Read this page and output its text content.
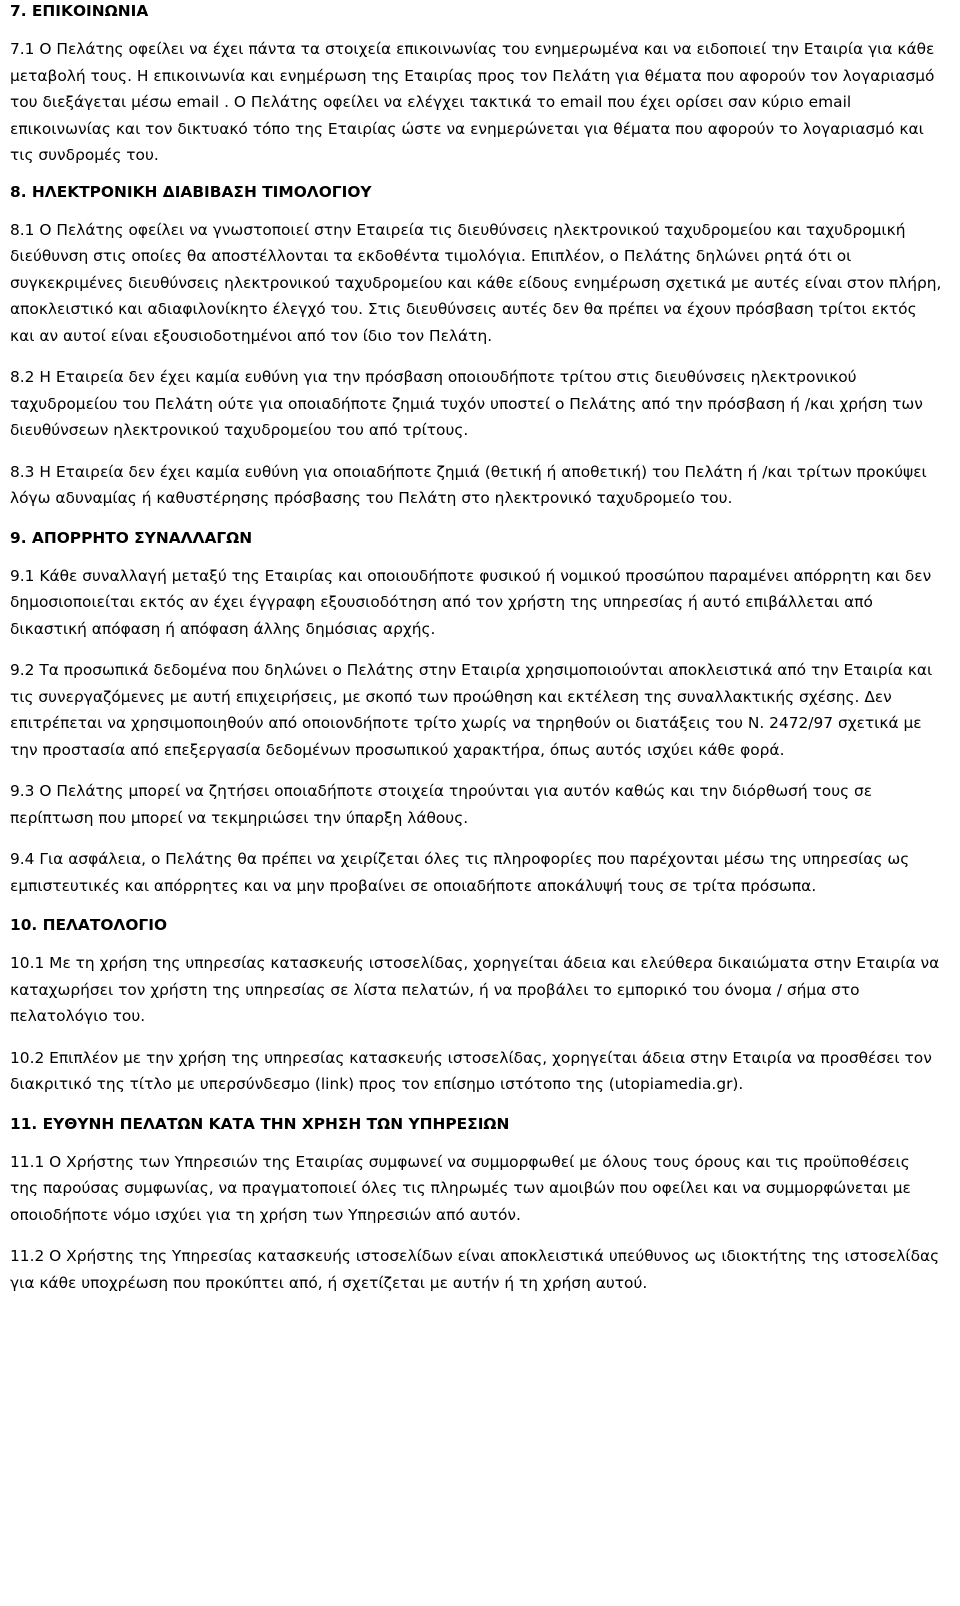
7. ΕΠΙΚΟΙΝΩΝΙΑ

7.1 Ο Πελάτης οφείλει να έχει πάντα τα στοιχεία επικοινωνίας του ενημερωμένα και να ειδοποιεί την Εταιρία για κάθε μεταβολή τους. Η επικοινωνία και ενημέρωση της Εταιρίας προς τον Πελάτη για θέματα που αφορούν τον λογαριασμό του διεξάγεται μέσω email . Ο Πελάτης οφείλει να ελέγχει τακτικά το email που έχει ορίσει σαν κύριο email επικοινωνίας και τον δικτυακό τόπο της Εταιρίας ώστε να ενημερώνεται για θέματα που αφορούν το λογαριασμό και τις συνδρομές του.

8. ΗΛΕΚΤΡΟΝΙΚΗ ΔΙΑΒΙΒΑΣΗ ΤΙΜΟΛΟΓΙΟΥ

8.1 Ο Πελάτης οφείλει να γνωστοποιεί στην Εταιρεία τις διευθύνσεις ηλεκτρονικού ταχυδρομείου και ταχυδρομική διεύθυνση στις οποίες θα αποστέλλονται τα εκδοθέντα τιμολόγια. Επιπλέον, ο Πελάτης δηλώνει ρητά ότι οι συγκεκριμένες διευθύνσεις ηλεκτρονικού ταχυδρομείου και κάθε είδους ενημέρωση σχετικά με αυτές είναι στον πλήρη, αποκλειστικό και αδιαφιλονίκητο έλεγχό του. Στις διευθύνσεις αυτές δεν θα πρέπει να έχουν πρόσβαση τρίτοι εκτός και αν αυτοί είναι εξουσιοδοτημένοι από τον ίδιο τον Πελάτη.

8.2 Η Εταιρεία δεν έχει καμία ευθύνη για την πρόσβαση οποιουδήποτε τρίτου στις διευθύνσεις ηλεκτρονικού ταχυδρομείου του Πελάτη ούτε για οποιαδήποτε ζημιά τυχόν υποστεί ο Πελάτης από την πρόσβαση ή /και χρήση των διευθύνσεων ηλεκτρονικού ταχυδρομείου του από τρίτους.

8.3 Η Εταιρεία δεν έχει καμία ευθύνη για οποιαδήποτε ζημιά (θετική ή αποθετική) του Πελάτη ή /και τρίτων προκύψει λόγω αδυναμίας ή καθυστέρησης πρόσβασης του Πελάτη στο ηλεκτρονικό ταχυδρομείο του.

9. ΑΠΟΡΡΗΤΟ ΣΥΝΑΛΛΑΓΩΝ

9.1 Κάθε συναλλαγή μεταξύ της Εταιρίας και οποιουδήποτε φυσικού ή νομικού προσώπου παραμένει απόρρητη και δεν δημοσιοποιείται εκτός αν έχει έγγραφη εξουσιοδότηση από τον χρήστη της υπηρεσίας ή αυτό επιβάλλεται από δικαστική απόφαση ή απόφαση άλλης δημόσιας αρχής.

9.2 Τα προσωπικά δεδομένα που δηλώνει ο Πελάτης στην Εταιρία χρησιμοποιούνται αποκλειστικά από την Εταιρία και τις συνεργαζόμενες με αυτή επιχειρήσεις, με σκοπό των προώθηση και εκτέλεση της συναλλακτικής σχέσης. Δεν επιτρέπεται να χρησιμοποιηθούν από οποιονδήποτε τρίτο χωρίς να τηρηθούν οι διατάξεις του Ν. 2472/97 σχετικά με την προστασία από επεξεργασία δεδομένων προσωπικού χαρακτήρα, όπως αυτός ισχύει κάθε φορά.

9.3 Ο Πελάτης μπορεί να ζητήσει οποιαδήποτε στοιχεία τηρούνται για αυτόν καθώς και την διόρθωσή τους σε περίπτωση που μπορεί να τεκμηριώσει την ύπαρξη λάθους.

9.4 Για ασφάλεια, ο Πελάτης θα πρέπει να χειρίζεται όλες τις πληροφορίες που παρέχονται μέσω της υπηρεσίας ως εμπιστευτικές και απόρρητες και να μην προβαίνει σε οποιαδήποτε αποκάλυψή τους σε τρίτα πρόσωπα.

10. ΠΕΛΑΤΟΛΟΓΙΟ

10.1 Με τη χρήση της υπηρεσίας κατασκευής ιστοσελίδας, χορηγείται άδεια και ελεύθερα δικαιώματα στην Εταιρία να καταχωρήσει τον χρήστη της υπηρεσίας σε λίστα πελατών, ή να προβάλει το εμπορικό του όνομα / σήμα στο πελατολόγιο του.

10.2 Επιπλέον με την χρήση της υπηρεσίας κατασκευής ιστοσελίδας, χορηγείται άδεια στην Εταιρία να προσθέσει τον διακριτικό της τίτλο με υπερσύνδεσμο (link) προς τον επίσημο ιστότοπο της (utopiamedia.gr).

11. ΕΥΘΥΝΗ ΠΕΛΑΤΩΝ ΚΑΤΑ ΤΗΝ ΧΡΗΣΗ ΤΩΝ ΥΠΗΡΕΣΙΩΝ

11.1 Ο Χρήστης των Υπηρεσιών της Εταιρίας συμφωνεί να συμμορφωθεί με όλους τους όρους και τις προϋποθέσεις της παρούσας συμφωνίας, να πραγματοποιεί όλες τις πληρωμές των αμοιβών που οφείλει και να συμμορφώνεται με οποιοδήποτε νόμο ισχύει για τη χρήση των Υπηρεσιών από αυτόν.

11.2 Ο Χρήστης της Υπηρεσίας κατασκευής ιστοσελίδων είναι αποκλειστικά υπεύθυνος ως ιδιοκτήτης της ιστοσελίδας για κάθε υποχρέωση που προκύπτει από, ή σχετίζεται με αυτήν ή τη χρήση αυτού.
